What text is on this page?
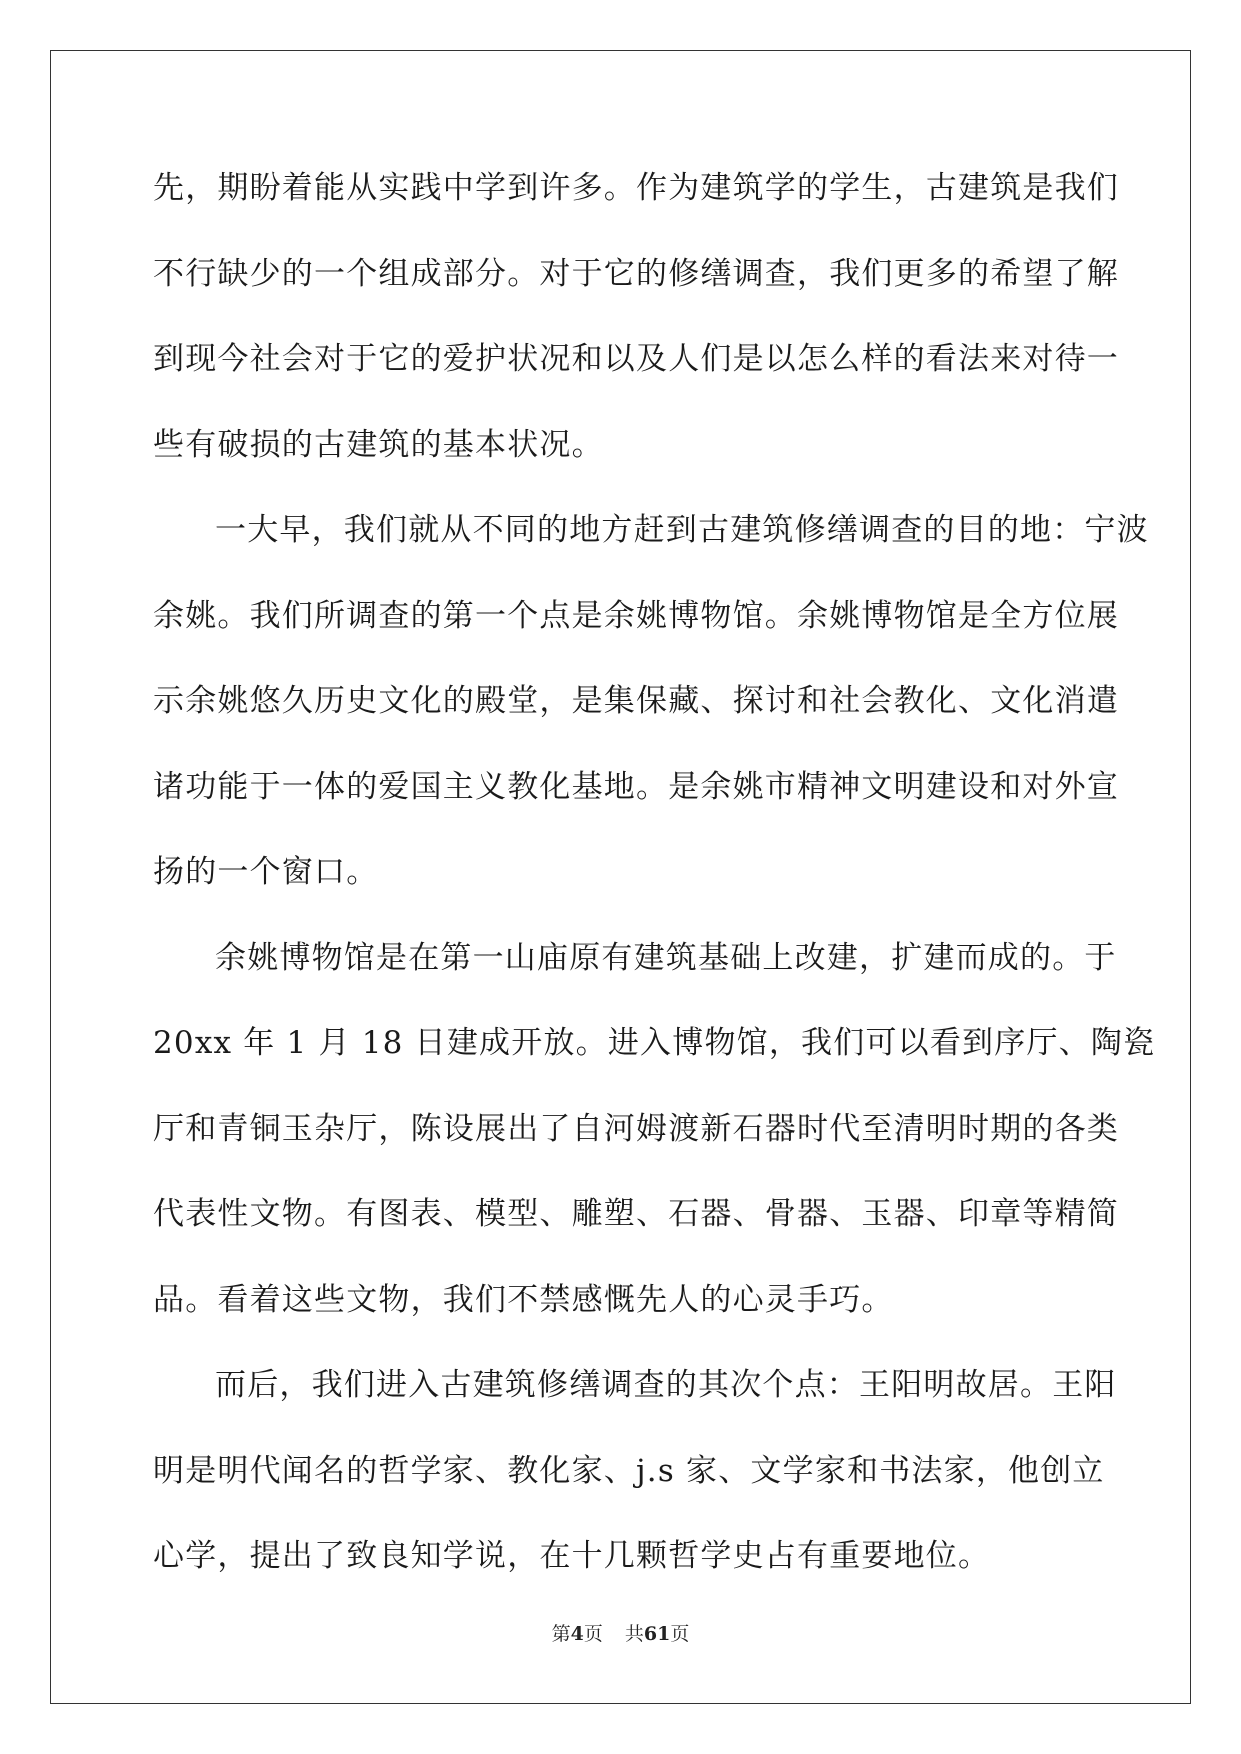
先，期盼着能从实践中学到许多。作为建筑学的学生，古建筑是我们
不行缺少的一个组成部分。对于它的修缮调查，我们更多的希望了解
到现今社会对于它的爱护状况和以及人们是以怎么样的看法来对待一
些有破损的古建筑的基本状况。
一大早，我们就从不同的地方赶到古建筑修缮调查的目的地：宁波
余姚。我们所调查的第一个点是余姚博物馆。余姚博物馆是全方位展
示余姚悠久历史文化的殿堂，是集保藏、探讨和社会教化、文化消遣
诸功能于一体的爱国主义教化基地。是余姚市精神文明建设和对外宣
扬的一个窗口。
余姚博物馆是在第一山庙原有建筑基础上改建，扩建而成的。于
20xx 年 1 月 18 日建成开放。进入博物馆，我们可以看到序厅、陶瓷
厅和青铜玉杂厅，陈设展出了自河姆渡新石器时代至清明时期的各类
代表性文物。有图表、模型、雕塑、石器、骨器、玉器、印章等精简
品。看着这些文物，我们不禁感慨先人的心灵手巧。
而后，我们进入古建筑修缮调查的其次个点：王阳明故居。王阳
明是明代闻名的哲学家、教化家、j.s 家、文学家和书法家，他创立
心学，提出了致良知学说，在十几颗哲学史占有重要地位。
第4页 共61页
